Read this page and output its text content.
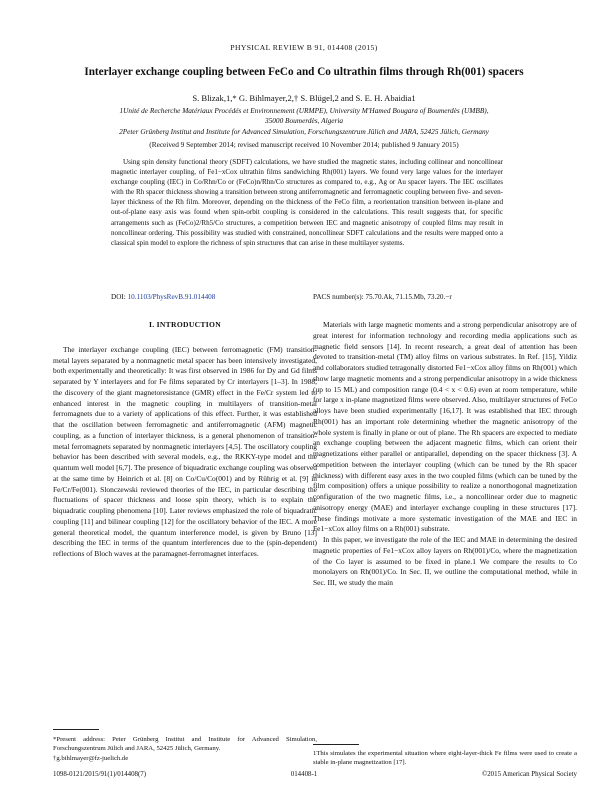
PHYSICAL REVIEW B 91, 014408 (2015)
Interlayer exchange coupling between FeCo and Co ultrathin films through Rh(001) spacers
S. Blizak,1,* G. Bihlmayer,2,† S. Blügel,2 and S. E. H. Abaidia1
1Unité de Recherche Matériaux Procédés et Environnement (URMPE), University M'Hamed Bougara of Boumerdès (UMBB),
35000 Boumerdès, Algeria
2Peter Grünberg Institut and Institute for Advanced Simulation, Forschungszentrum Jülich and JARA, 52425 Jülich, Germany
(Received 9 September 2014; revised manuscript received 10 November 2014; published 9 January 2015)
Using spin density functional theory (SDFT) calculations, we have studied the magnetic states, including collinear and noncollinear magnetic interlayer coupling, of Fe1−xCox ultrathin films sandwiching Rh(001) layers. We found very large values for the interlayer exchange coupling (IEC) in Co/Rhn/Co or (FeCo)n/Rhn/Co structures as compared to, e.g., Ag or Au spacer layers. The IEC oscillates with the Rh spacer thickness showing a transition between strong antiferromagnetic and ferromagnetic coupling between five- and seven-layer thickness of the Rh film. Moreover, depending on the thickness of the FeCo film, a reorientation transition between in-plane and out-of-plane easy axis was found when spin-orbit coupling is considered in the calculations. This result suggests that, for specific arrangements such as (FeCo)2/Rh5/Co structures, a competition between IEC and magnetic anisotropy of coupled films may result in noncollinear ordering. This possibility was studied with constrained, noncollinear SDFT calculations and the results were mapped onto a classical spin model to explore the richness of spin structures that can arise in these multilayer systems.
DOI: 10.1103/PhysRevB.91.014408	PACS number(s): 75.70.Ak, 71.15.Mb, 73.20.−r
I. INTRODUCTION

The interlayer exchange coupling (IEC) between ferromagnetic (FM) transition-metal layers separated by a nonmagnetic metal spacer has been intensively investigated, both experimentally and theoretically: It was first observed in 1986 for Dy and Gd films separated by Y interlayers and for Fe films separated by Cr interlayers [1–3]. In 1988, the discovery of the giant magnetoresistance (GMR) effect in the Fe/Cr system led to enhanced interest in the magnetic coupling in multilayers of transition-metal ferromagnets due to a variety of applications of this effect. Further, it was established that the oscillation between ferromagnetic and antiferromagnetic (AFM) magnetic coupling, as a function of interlayer thickness, is a general phenomenon of transition-metal ferromagnets separated by nonmagnetic interlayers [4,5]. The oscillatory coupling behavior has been described with several models, e.g., the RKKY-type model and the quantum well model [6,7]. The presence of biquadratic exchange coupling was observed at the same time by Heinrich et al. [8] on Co/Cu/Co(001) and by Rührig et al. [9] in Fe/Cr/Fe(001). Slonczewski reviewed theories of the IEC, in particular describing the fluctuations of spacer thickness and loose spin theory, which is to explain the biquadratic coupling phenomena [10]. Later reviews emphasized the role of biquadratic coupling [11] and bilinear coupling [12] for the oscillatory behavior of the IEC. A more general theoretical model, the quantum interference model, is given by Bruno [13] describing the IEC in terms of the quantum interferences due to the (spin-dependent) reflections of Bloch waves at the paramagnet-ferromagnet interfaces.

Materials with large magnetic moments and a strong perpendicular anisotropy are of great interest for information technology and recording media applications such as magnetic field sensors [14]. In recent research, a great deal of attention has been devoted to transition-metal (TM) alloy films on various substrates. In Ref. [15], Yildiz and collaborators studied tetragonally distorted Fe1−xCox alloy films on Rh(001) which show large magnetic moments and a strong perpendicular anisotropy in a wide thickness (up to 15 ML) and composition range (0.4 < x < 0.6) even at room temperature, while for large x in-plane magnetized films were observed. Also, multilayer structures of FeCo alloys have been studied experimentally [16,17]. It was established that IEC through Rh(001) has an important role determining whether the magnetic anisotropy of the whole system is finally in plane or out of plane. The Rh spacers are expected to mediate an exchange coupling between the adjacent magnetic films, which can orient their magnetizations either parallel or antiparallel, depending on the spacer thickness [3]. A competition between the interlayer coupling (which can be tuned by the Rh spacer thickness) with different easy axes in the two coupled films (which can be tuned by the film composition) offers a unique possibility to realize a nonorthogonal magnetization configuration of the two magnetic films, i.e., a noncollinear order due to magnetic anisotropy energy (MAE) and interlayer exchange coupling in these structures [17]. These findings motivate a more systematic investigation of the MAE and IEC in Fe1−xCox alloy films on a Rh(001) substrate.

In this paper, we investigate the role of the IEC and MAE in determining the desired magnetic properties of Fe1−xCox alloy layers on Rh(001)/Co, where the magnetization of the Co layer is assumed to be fixed in plane.1 We compare the results to Co monolayers on Rh(001)/Co. In Sec. II, we outline the computational method, while in Sec. III, we study the main

*Present address: Peter Grünberg Institut and Institute for Advanced Simulation, Forschungszentrum Jülich and JARA, 52425 Jülich, Germany.
†g.bihlmayer@fz-juelich.de
1This simulates the experimental situation where eight-layer-thick Fe films were used to create a stable in-plane magnetization [17].
1098-0121/2015/91(1)/014408(7)	014408-1	©2015 American Physical Society
